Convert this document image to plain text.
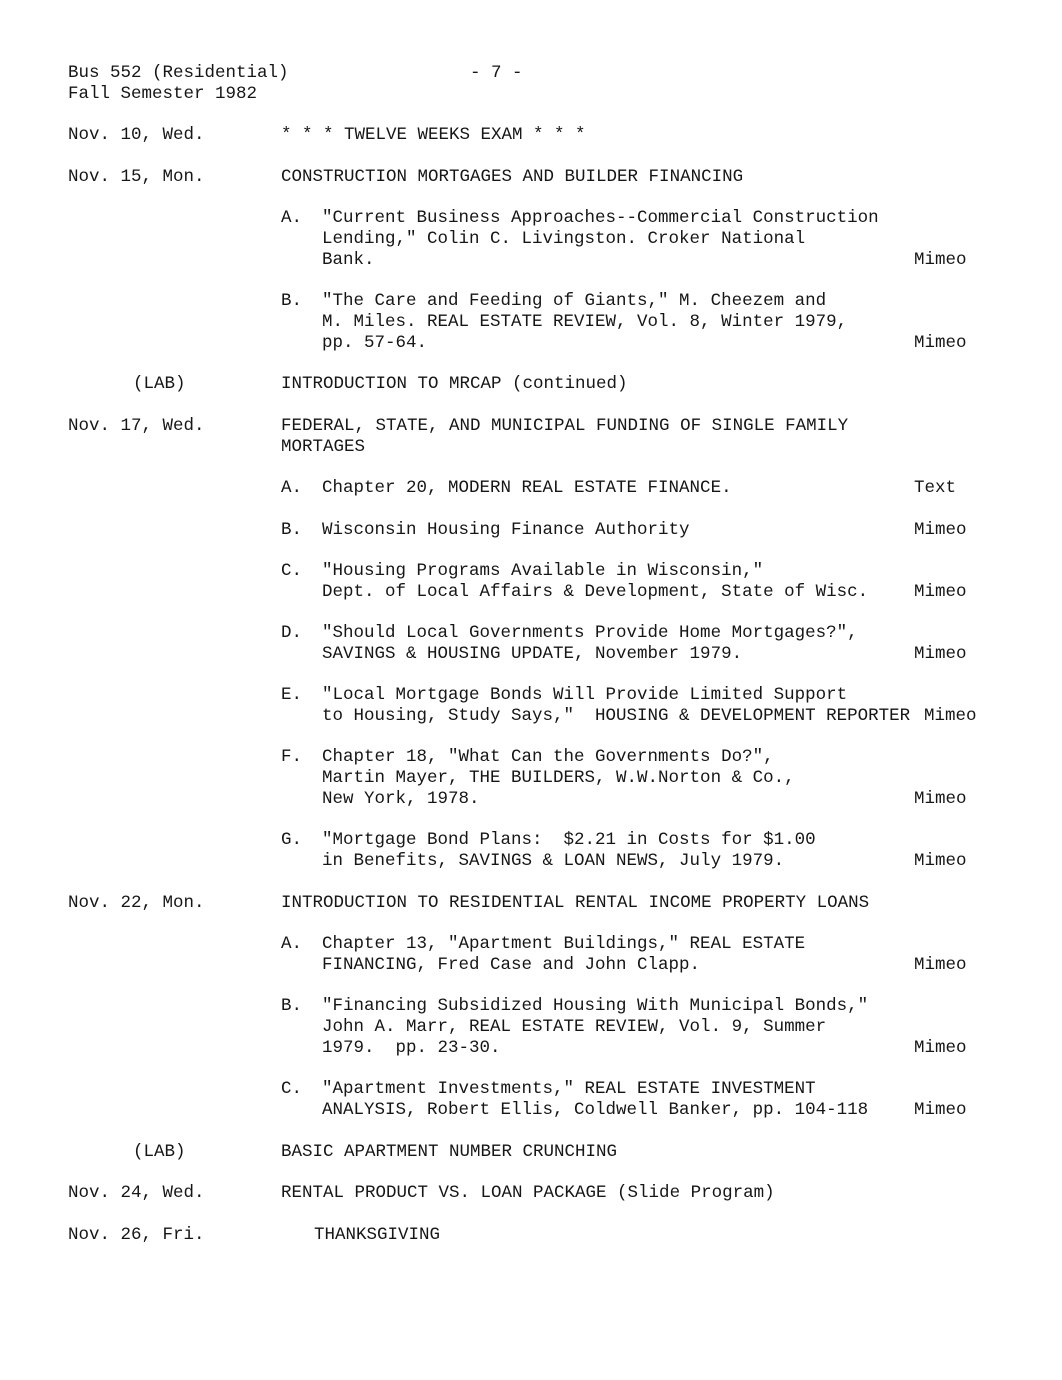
Bus 552 (Residential)
Fall Semester 1982
- 7 -
Nov. 10, Wed.	* * * TWELVE WEEKS EXAM * * *
Nov. 15, Mon.	CONSTRUCTION MORTGAGES AND BUILDER FINANCING
A. "Current Business Approaches--Commercial Construction
Lending," Colin C. Livingston. Croker National
Bank.	Mimeo
B. "The Care and Feeding of Giants," M. Cheezem and
M. Miles. REAL ESTATE REVIEW, Vol. 8, Winter 1979,
pp. 57-64.	Mimeo
(LAB)	INTRODUCTION TO MRCAP (continued)
Nov. 17, Wed.	FEDERAL, STATE, AND MUNICIPAL FUNDING OF SINGLE FAMILY
MORTAGES
A. Chapter 20, MODERN REAL ESTATE FINANCE.	Text
B. Wisconsin Housing Finance Authority	Mimeo
C. "Housing Programs Available in Wisconsin,"
Dept. of Local Affairs & Development, State of Wisc.	Mimeo
D. "Should Local Governments Provide Home Mortgages?",
SAVINGS & HOUSING UPDATE, November 1979.	Mimeo
E. "Local Mortgage Bonds Will Provide Limited Support
to Housing, Study Says,"  HOUSING & DEVELOPMENT REPORTER Mimeo
F. Chapter 18, "What Can the Governments Do?",
Martin Mayer, THE BUILDERS, W.W.Norton & Co.,
New York, 1978.	Mimeo
G. "Mortgage Bond Plans:  $2.21 in Costs for $1.00
in Benefits, SAVINGS & LOAN NEWS, July 1979.	Mimeo
Nov. 22, Mon.	INTRODUCTION TO RESIDENTIAL RENTAL INCOME PROPERTY LOANS
A. Chapter 13, "Apartment Buildings," REAL ESTATE
FINANCING, Fred Case and John Clapp.	Mimeo
B. "Financing Subsidized Housing With Municipal Bonds,"
John A. Marr, REAL ESTATE REVIEW, Vol. 9, Summer
1979.  pp. 23-30.	Mimeo
C. "Apartment Investments," REAL ESTATE INVESTMENT
ANALYSIS, Robert Ellis, Coldwell Banker, pp. 104-118	Mimeo
(LAB)	BASIC APARTMENT NUMBER CRUNCHING
Nov. 24, Wed.	RENTAL PRODUCT VS. LOAN PACKAGE (Slide Program)
Nov. 26, Fri.	THANKSGIVING
